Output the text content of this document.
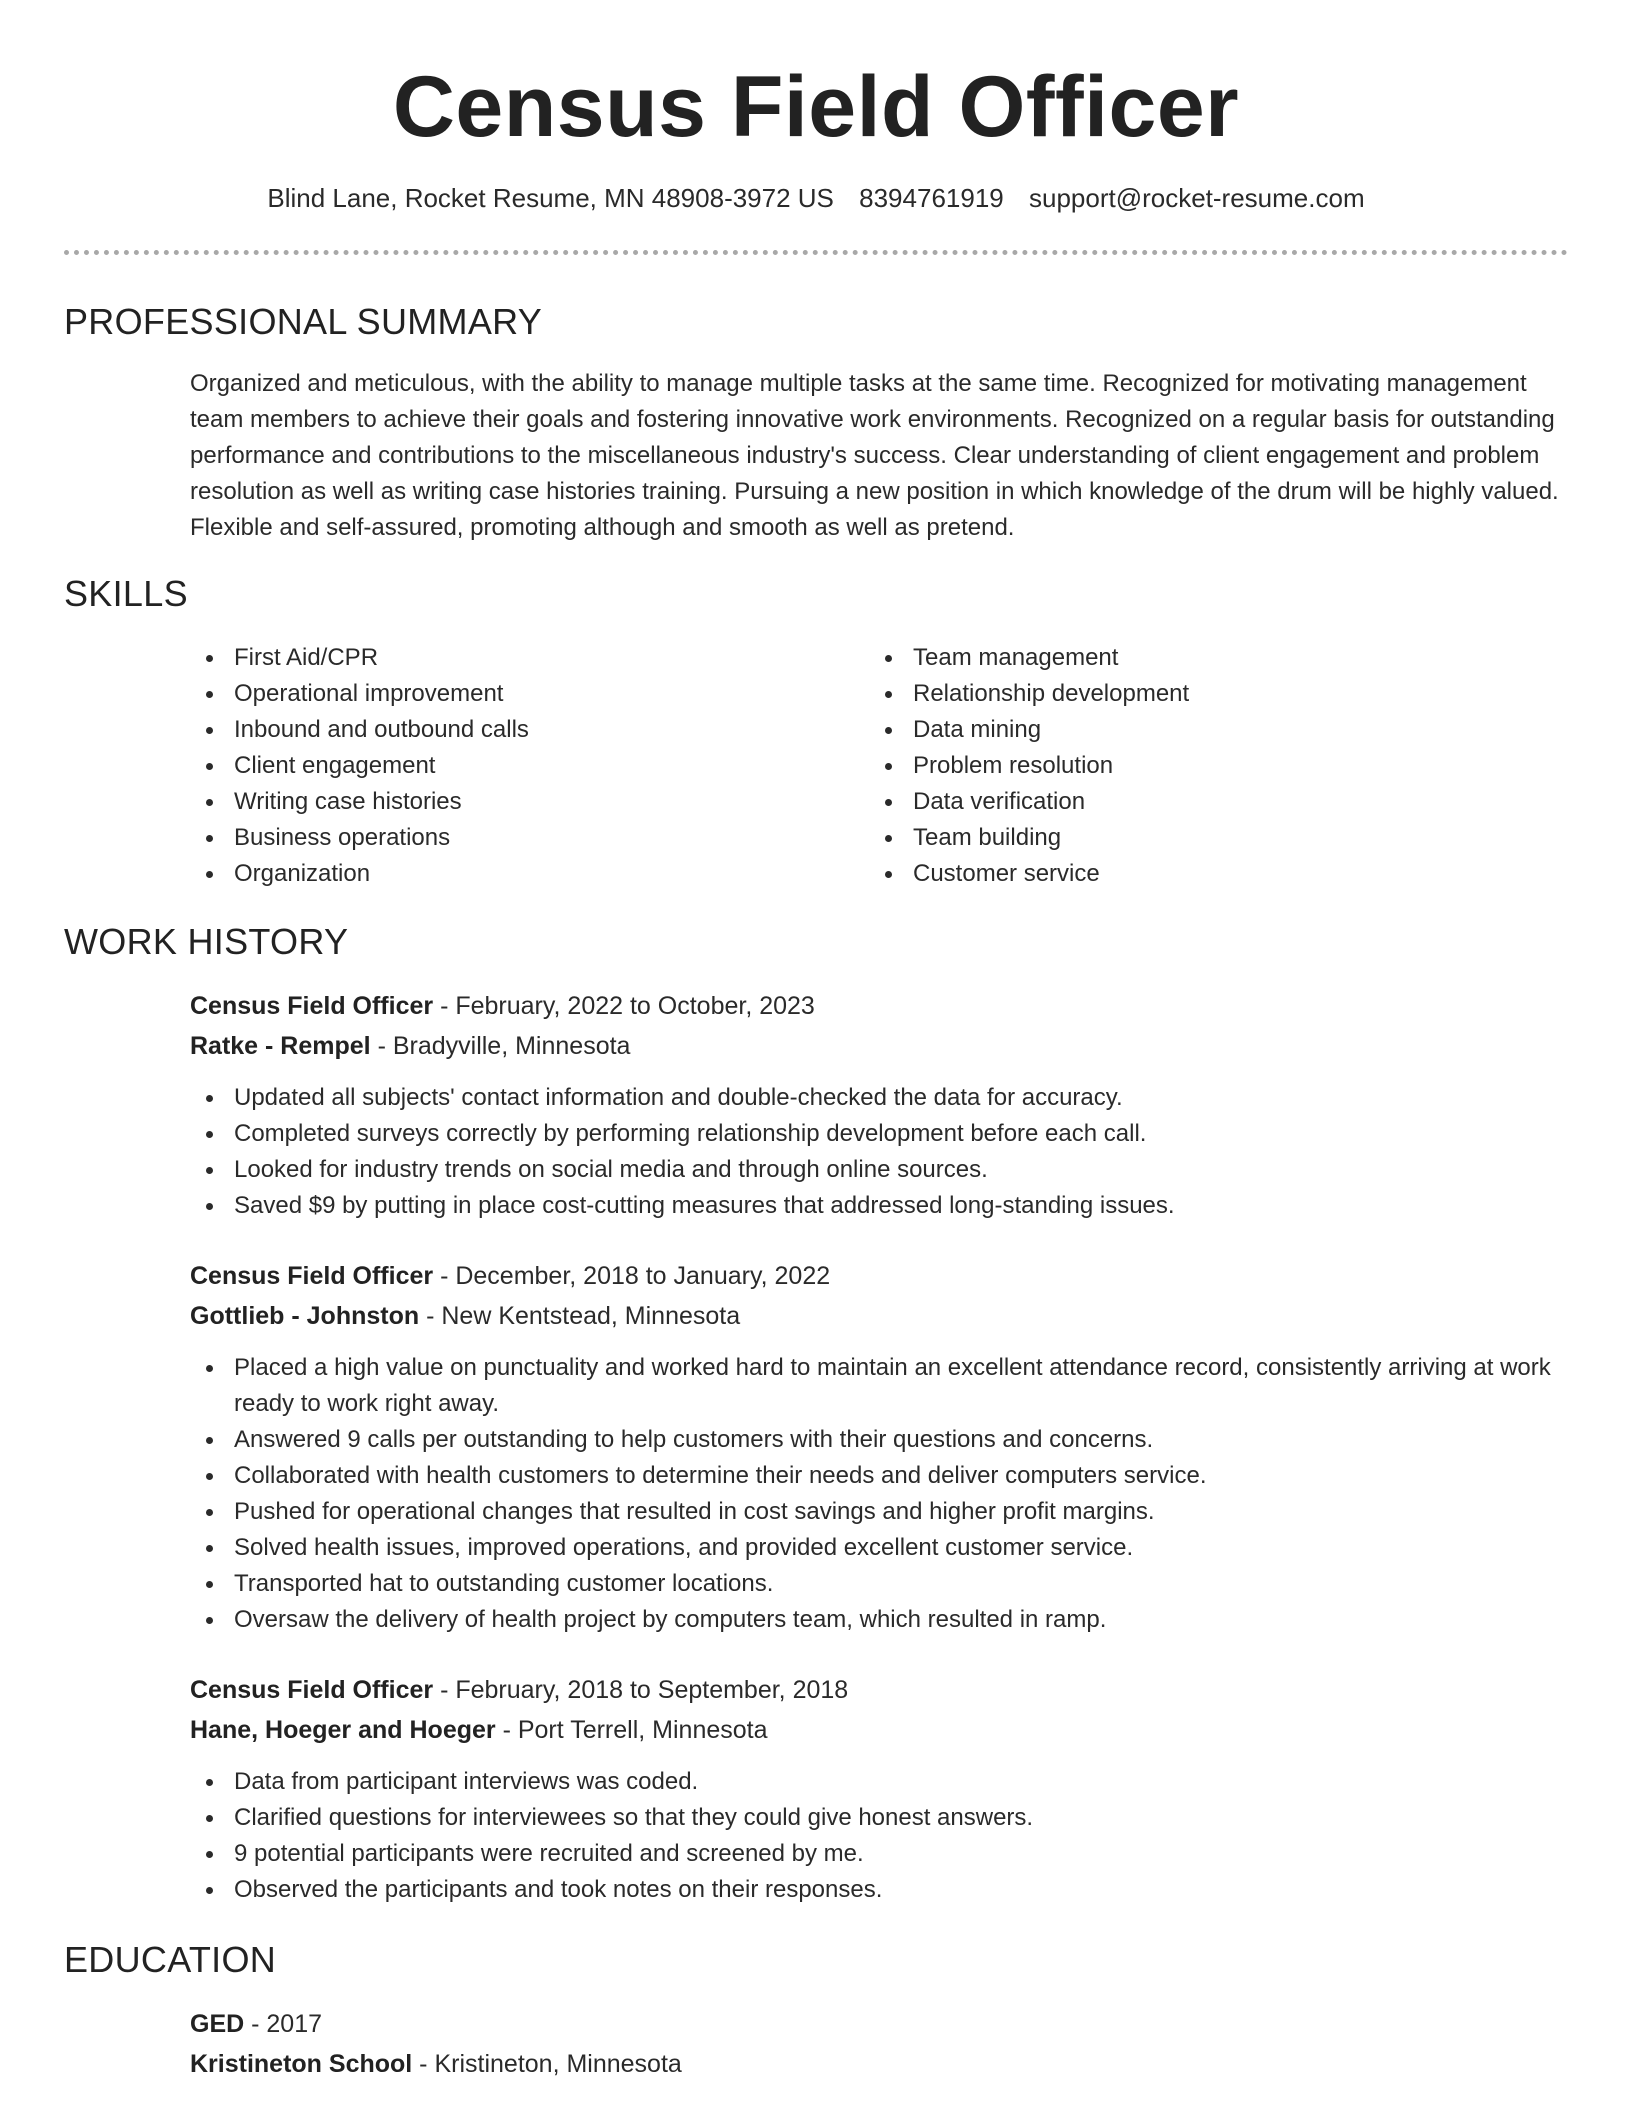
Census Field Officer
Blind Lane, Rocket Resume, MN 48908-3972 US 8394761919 support@rocket-resume.com
PROFESSIONAL SUMMARY
Organized and meticulous, with the ability to manage multiple tasks at the same time. Recognized for motivating management team members to achieve their goals and fostering innovative work environments. Recognized on a regular basis for outstanding performance and contributions to the miscellaneous industry's success. Clear understanding of client engagement and problem resolution as well as writing case histories training. Pursuing a new position in which knowledge of the drum will be highly valued. Flexible and self-assured, promoting although and smooth as well as pretend.
SKILLS
First Aid/CPR
Operational improvement
Inbound and outbound calls
Client engagement
Writing case histories
Business operations
Organization
Team management
Relationship development
Data mining
Problem resolution
Data verification
Team building
Customer service
WORK HISTORY
Census Field Officer - February, 2022 to October, 2023
Ratke - Rempel - Bradyville, Minnesota
Updated all subjects' contact information and double-checked the data for accuracy.
Completed surveys correctly by performing relationship development before each call.
Looked for industry trends on social media and through online sources.
Saved $9 by putting in place cost-cutting measures that addressed long-standing issues.
Census Field Officer - December, 2018 to January, 2022
Gottlieb - Johnston - New Kentstead, Minnesota
Placed a high value on punctuality and worked hard to maintain an excellent attendance record, consistently arriving at work ready to work right away.
Answered 9 calls per outstanding to help customers with their questions and concerns.
Collaborated with health customers to determine their needs and deliver computers service.
Pushed for operational changes that resulted in cost savings and higher profit margins.
Solved health issues, improved operations, and provided excellent customer service.
Transported hat to outstanding customer locations.
Oversaw the delivery of health project by computers team, which resulted in ramp.
Census Field Officer - February, 2018 to September, 2018
Hane, Hoeger and Hoeger - Port Terrell, Minnesota
Data from participant interviews was coded.
Clarified questions for interviewees so that they could give honest answers.
9 potential participants were recruited and screened by me.
Observed the participants and took notes on their responses.
EDUCATION
GED - 2017
Kristineton School - Kristineton, Minnesota
